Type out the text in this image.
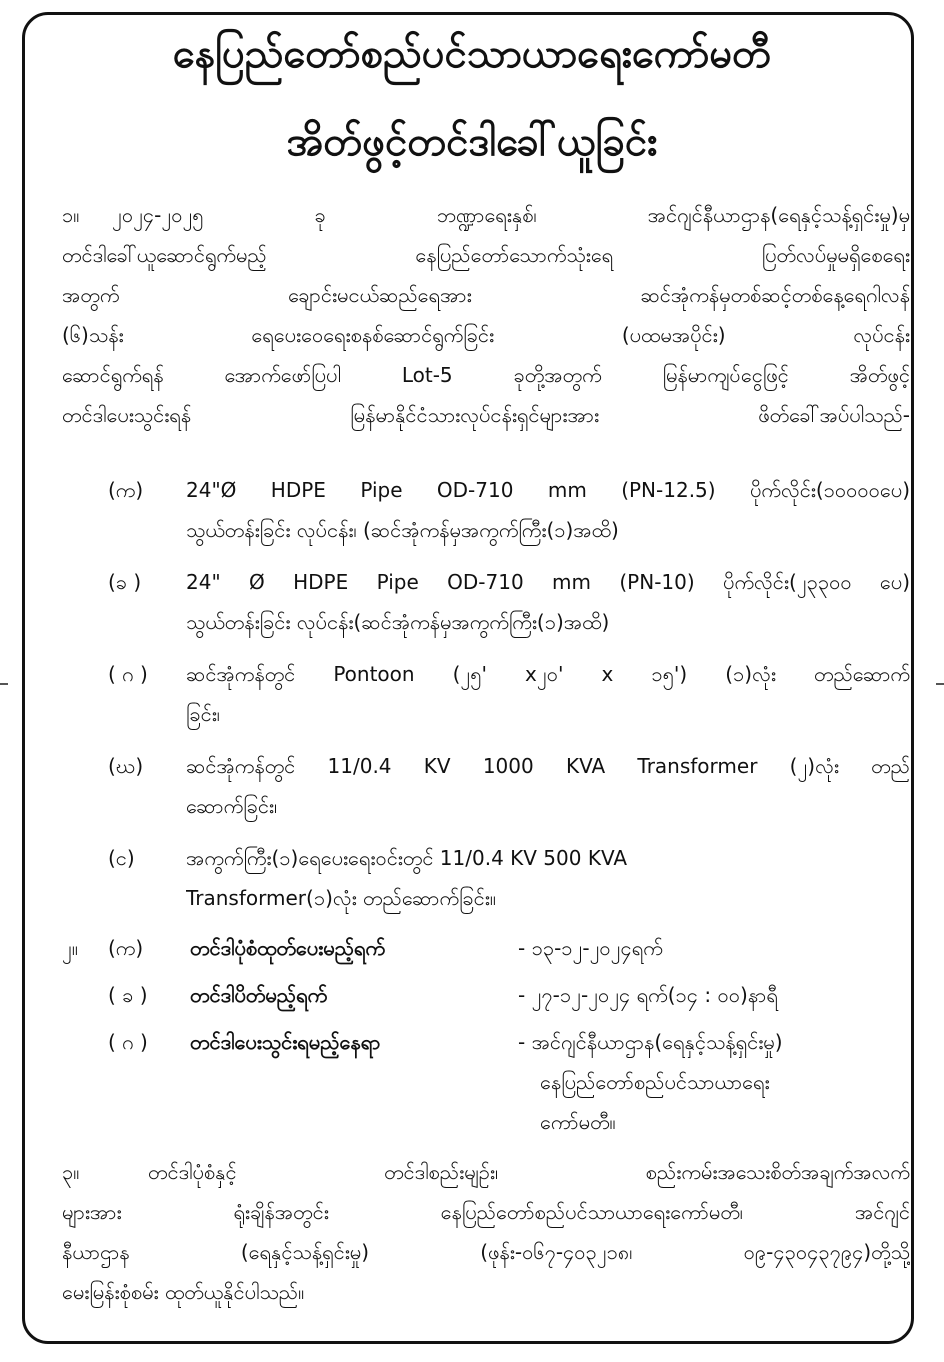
နေပြည်တော်စည်ပင်သာယာရေးကော်မတီ
အိတ်ဖွင့်တင်ဒါခေါ်ယူခြင်း
၁။	၂၀၂၄-၂၀၂၅ ခု ဘဏ္ဍာရေးနှစ်၊ အင်ဂျင်နီယာဌာန(ရေနှင့်သန့်ရှင်းမှု)မှ
တင်ဒါခေါ်ယူဆောင်ရွက်မည့် နေပြည်တော်သောက်သုံးရေ ပြတ်လပ်မှုမရှိစေရေး
အတွက် ချောင်းမငယ်ဆည်ရေအား ဆင်အုံကန်မှတစ်ဆင့်တစ်နေ့ရေဂါလန်
(၆)သန်း ရေပေးဝေရေးစနစ်ဆောင်ရွက်ခြင်း (ပထမအပိုင်း) လုပ်ငန်း
ဆောင်ရွက်ရန် အောက်ဖော်ပြပါ Lot-5 ခုတို့အတွက် မြန်မာကျပ်ငွေဖြင့် အိတ်ဖွင့်
တင်ဒါပေးသွင်းရန် မြန်မာနိုင်ငံသားလုပ်ငန်းရှင်များအား ဖိတ်ခေါ်အပ်ပါသည်-
(က) 24"Ø HDPE Pipe OD-710 mm (PN-12.5) ပိုက်လိုင်း(၁၀၀၀၀ပေ)
သွယ်တန်းခြင်း လုပ်ငန်း၊ (ဆင်အုံကန်မှအကွက်ကြီး(၁)အထိ)
(ခ ) 24" Ø HDPE Pipe OD-710 mm (PN-10) ပိုက်လိုင်း(၂၃၃၀၀ ပေ)
သွယ်တန်းခြင်း လုပ်ငန်း(ဆင်အုံကန်မှအကွက်ကြီး(၁)အထိ)
( ဂ ) ဆင်အုံကန်တွင် Pontoon (၂၅' x၂၀' x ၁၅') (၁)လုံး တည်ဆောက်
ခြင်း၊
(ဃ) ဆင်အုံကန်တွင် 11/0.4 KV 1000 KVA Transformer (၂)လုံး တည်
ဆောက်ခြင်း၊
(င)	အကွက်ကြီး(၁)ရေပေးရေးဝင်းတွင် 11/0.4 KV 500 KVA
Transformer(၁)လုံး တည်ဆောက်ခြင်း။
၂။ (က) တင်ဒါပုံစံထုတ်ပေးမည့်ရက်	- ၁၃-၁၂-၂၀၂၄ရက်
( ခ ) တင်ဒါပိတ်မည့်ရက်	- ၂၇-၁၂-၂၀၂၄ ရက်(၁၄ : ၀၀)နာရီ
( ဂ ) တင်ဒါပေးသွင်းရမည့်နေရာ	- အင်ဂျင်နီယာဌာန(ရေနှင့်သန့်ရှင်းမှု)
နေပြည်တော်စည်ပင်သာယာရေး
ကော်မတီ။
၃။	တင်ဒါပုံစံနှင့် တင်ဒါစည်းမျဉ်း၊ စည်းကမ်းအသေးစိတ်အချက်အလက်
များအား ရုံးချိန်အတွင်း နေပြည်တော်စည်ပင်သာယာရေးကော်မတီ၊ အင်ဂျင်
နီယာဌာန (ရေနှင့်သန့်ရှင်းမှု) (ဖုန်း-၀၆၇-၄၀၃၂၁၈၊ ၀၉-၄၃၀၄၃၇၉၄)တို့သို့
မေးမြန်းစုံစမ်း ထုတ်ယူနိုင်ပါသည်။
